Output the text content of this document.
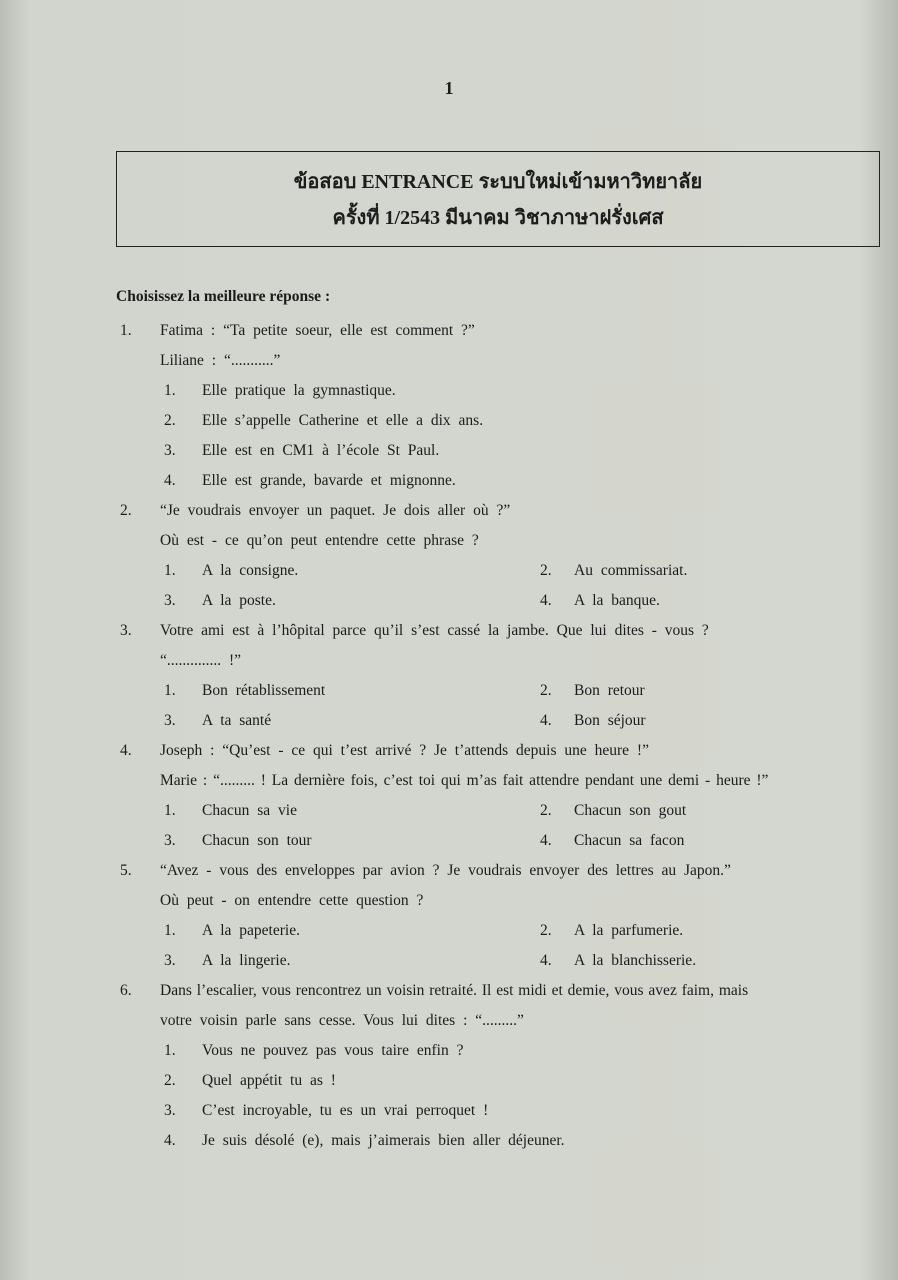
1
ข้อสอบ ENTRANCE ระบบใหม่เข้ามหาวิทยาลัย
ครั้งที่ 1/2543 มีนาคม วิชาภาษาฝรั่งเศส
Choisissez la meilleure réponse :
1. Fatima : “Ta petite soeur, elle est comment ?”
Liliane : “...........”
1. Elle pratique la gymnastique.
2. Elle s’appelle Catherine et elle a dix ans.
3. Elle est en CM1 à l’école St Paul.
4. Elle est grande, bavarde et mignonne.
2. “Je voudrais envoyer un paquet. Je dois aller où ?”
Où est - ce qu’on peut entendre cette phrase ?
1. A la consigne.	2. Au commissariat.
3. A la poste.	4. A la banque.
3. Votre ami est à l’hôpital parce qu’il s’est cassé la jambe. Que lui dites - vous ?
“.............. !”
1. Bon rétablissement	2. Bon retour
3. A ta santé	4. Bon séjour
4. Joseph : “Qu’est - ce qui t’est arrivé ? Je t’attends depuis une heure !”
Marie : “......... ! La dernière fois, c’est toi qui m’as fait attendre pendant une demi - heure !”
1. Chacun sa vie	2. Chacun son gout
3. Chacun son tour	4. Chacun sa facon
5. “Avez - vous des enveloppes par avion ? Je voudrais envoyer des lettres au Japon.”
Où peut - on entendre cette question ?
1. A la papeterie.	2. A la parfumerie.
3. A la lingerie.	4. A la blanchisserie.
6. Dans l’escalier, vous rencontrez un voisin retraité. Il est midi et demie, vous avez faim, mais
votre voisin parle sans cesse. Vous lui dites : “.........”
1. Vous ne pouvez pas vous taire enfin ?
2. Quel appétit tu as !
3. C’est incroyable, tu es un vrai perroquet !
4. Je suis désolé (e), mais j’aimerais bien aller déjeuner.
